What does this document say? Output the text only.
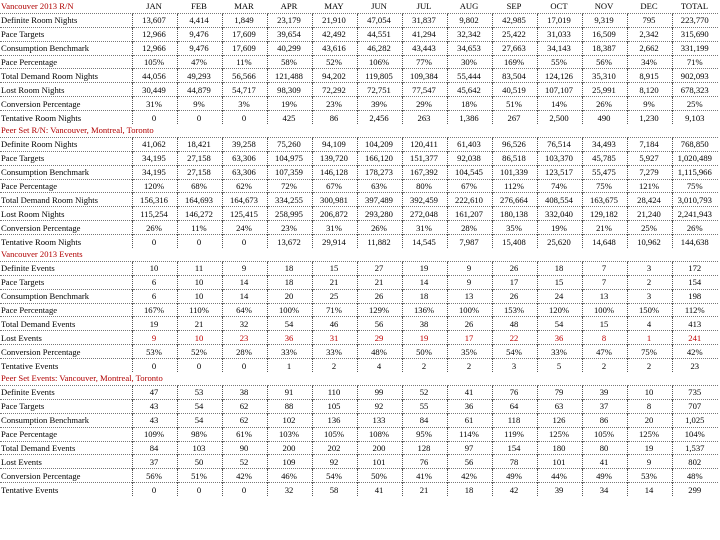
Vancouver 2013 R/N	JAN	FEB	MAR	APR	MAY	JUN	JUL	AUG	SEP	OCT	NOV	DEC	TOTAL
Definite Room Nights	13,607	4,414	1,849	23,179	21,910	47,054	31,837	9,802	42,985	17,019	9,319	795	223,770
Pace Targets	12,966	9,476	17,609	39,654	42,492	44,551	41,294	32,342	25,422	31,033	16,509	2,342	315,690
Consumption Benchmark	12,966	9,476	17,609	40,299	43,616	46,282	43,443	34,653	27,663	34,143	18,387	2,662	331,199
Pace Percentage	105%	47%	11%	58%	52%	106%	77%	30%	169%	55%	56%	34%	71%
Total Demand Room Nights	44,056	49,293	56,566	121,488	94,202	119,805	109,384	55,444	83,504	124,126	35,310	8,915	902,093
Lost Room Nights	30,449	44,879	54,717	98,309	72,292	72,751	77,547	45,642	40,519	107,107	25,991	8,120	678,323
Conversion Percentage	31%	9%	3%	19%	23%	39%	29%	18%	51%	14%	26%	9%	25%
Tentative Room Nights	0	0	0	425	86	2,456	263	1,386	267	2,500	490	1,230	9,103
Peer Set R/N: Vancouver, Montreal, Toronto													
Definite Room Nights	41,062	18,421	39,258	75,260	94,109	104,209	120,411	61,403	96,526	76,514	34,493	7,184	768,850
Pace Targets	34,195	27,158	63,306	104,975	139,720	166,120	151,377	92,038	86,518	103,370	45,785	5,927	1,020,489
Consumption Benchmark	34,195	27,158	63,306	107,359	146,128	178,273	167,392	104,545	101,339	123,517	55,475	7,279	1,115,966
Pace Percentage	120%	68%	62%	72%	67%	63%	80%	67%	112%	74%	75%	121%	75%
Total Demand Room Nights	156,316	164,693	164,673	334,255	300,981	397,489	392,459	222,610	276,664	408,554	163,675	28,424	3,010,793
Lost Room Nights	115,254	146,272	125,415	258,995	206,872	293,280	272,048	161,207	180,138	332,040	129,182	21,240	2,241,943
Conversion Percentage	26%	11%	24%	23%	31%	26%	31%	28%	35%	19%	21%	25%	26%
Tentative Room Nights	0	0	0	13,672	29,914	11,882	14,545	7,987	15,408	25,620	14,648	10,962	144,638
Vancouver 2013 Events													
Definite Events	10	11	9	18	15	27	19	9	26	18	7	3	172
Pace Targets	6	10	14	18	21	21	14	9	17	15	7	2	154
Consumption Benchmark	6	10	14	20	25	26	18	13	26	24	13	3	198
Pace Percentage	167%	110%	64%	100%	71%	129%	136%	100%	153%	120%	100%	150%	112%
Total Demand Events	19	21	32	54	46	56	38	26	48	54	15	4	413
Lost Events	9	10	23	36	31	29	19	17	22	36	8	1	241
Conversion Percentage	53%	52%	28%	33%	33%	48%	50%	35%	54%	33%	47%	75%	42%
Tentative Events	0	0	0	1	2	4	2	2	3	5	2	2	23
Peer Set Events: Vancouver, Montreal, Toronto													
Definite Events	47	53	38	91	110	99	52	41	76	79	39	10	735
Pace Targets	43	54	62	88	105	92	55	36	64	63	37	8	707
Consumption Benchmark	43	54	62	102	136	133	84	61	118	126	86	20	1,025
Pace Percentage	109%	98%	61%	103%	105%	108%	95%	114%	119%	125%	105%	125%	104%
Total Demand Events	84	103	90	200	202	200	128	97	154	180	80	19	1,537
Lost Events	37	50	52	109	92	101	76	56	78	101	41	9	802
Conversion Percentage	56%	51%	42%	46%	54%	50%	41%	42%	49%	44%	49%	53%	48%
Tentative Events	0	0	0	32	58	41	21	18	42	39	34	14	299
